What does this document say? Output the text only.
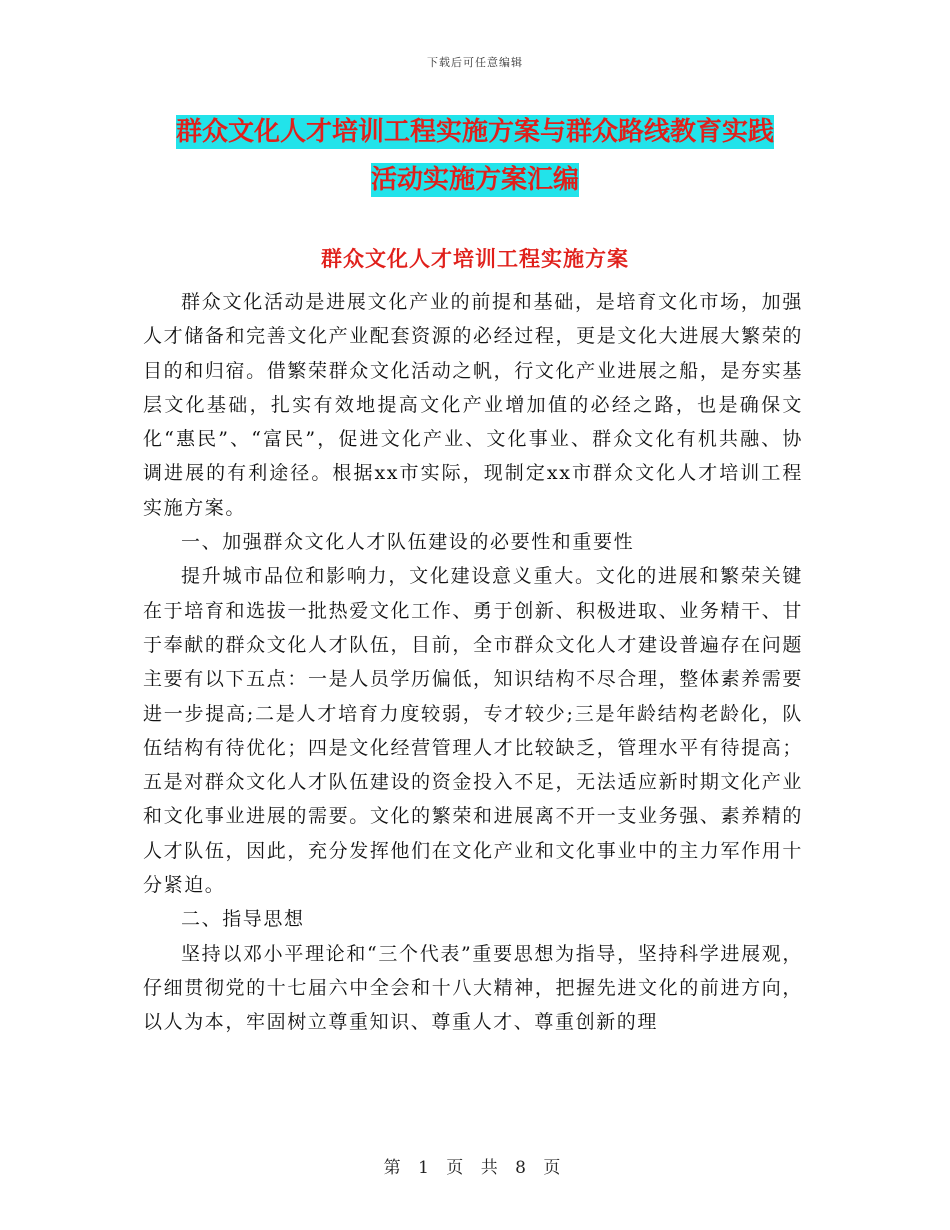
下载后可任意编辑
群众文化人才培训工程实施方案与群众路线教育实践
活动实施方案汇编
群众文化人才培训工程实施方案

群众文化活动是进展文化产业的前提和基础，是培育文化市场，加强人才储备和完善文化产业配套资源的必经过程，更是文化大进展大繁荣的目的和归宿。借繁荣群众文化活动之帆，行文化产业进展之船，是夯实基层文化基础，扎实有效地提高文化产业增加值的必经之路，也是确保文化“惠民”、“富民”，促进文化产业、文化事业、群众文化有机共融、协调进展的有利途径。根据xx市实际，现制定xx市群众文化人才培训工程实施方案。

一、加强群众文化人才队伍建设的必要性和重要性

提升城市品位和影响力，文化建设意义重大。文化的进展和繁荣关键在于培育和选拔一批热爱文化工作、勇于创新、积极进取、业务精干、甘于奉献的群众文化人才队伍，目前，全市群众文化人才建设普遍存在问题主要有以下五点：一是人员学历偏低，知识结构不尽合理，整体素养需要进一步提高;二是人才培育力度较弱，专才较少;三是年龄结构老龄化，队伍结构有待优化；四是文化经营管理人才比较缺乏，管理水平有待提高；五是对群众文化人才队伍建设的资金投入不足，无法适应新时期文化产业和文化事业进展的需要。文化的繁荣和进展离不开一支业务强、素养精的人才队伍，因此，充分发挥他们在文化产业和文化事业中的主力军作用十分紧迫。

二、指导思想

坚持以邓小平理论和“三个代表”重要思想为指导，坚持科学进展观，仔细贯彻党的十七届六中全会和十八大精神，把握先进文化的前进方向，以人为本，牢固树立尊重知识、尊重人才、尊重创新的理

第 1 页 共 8 页
